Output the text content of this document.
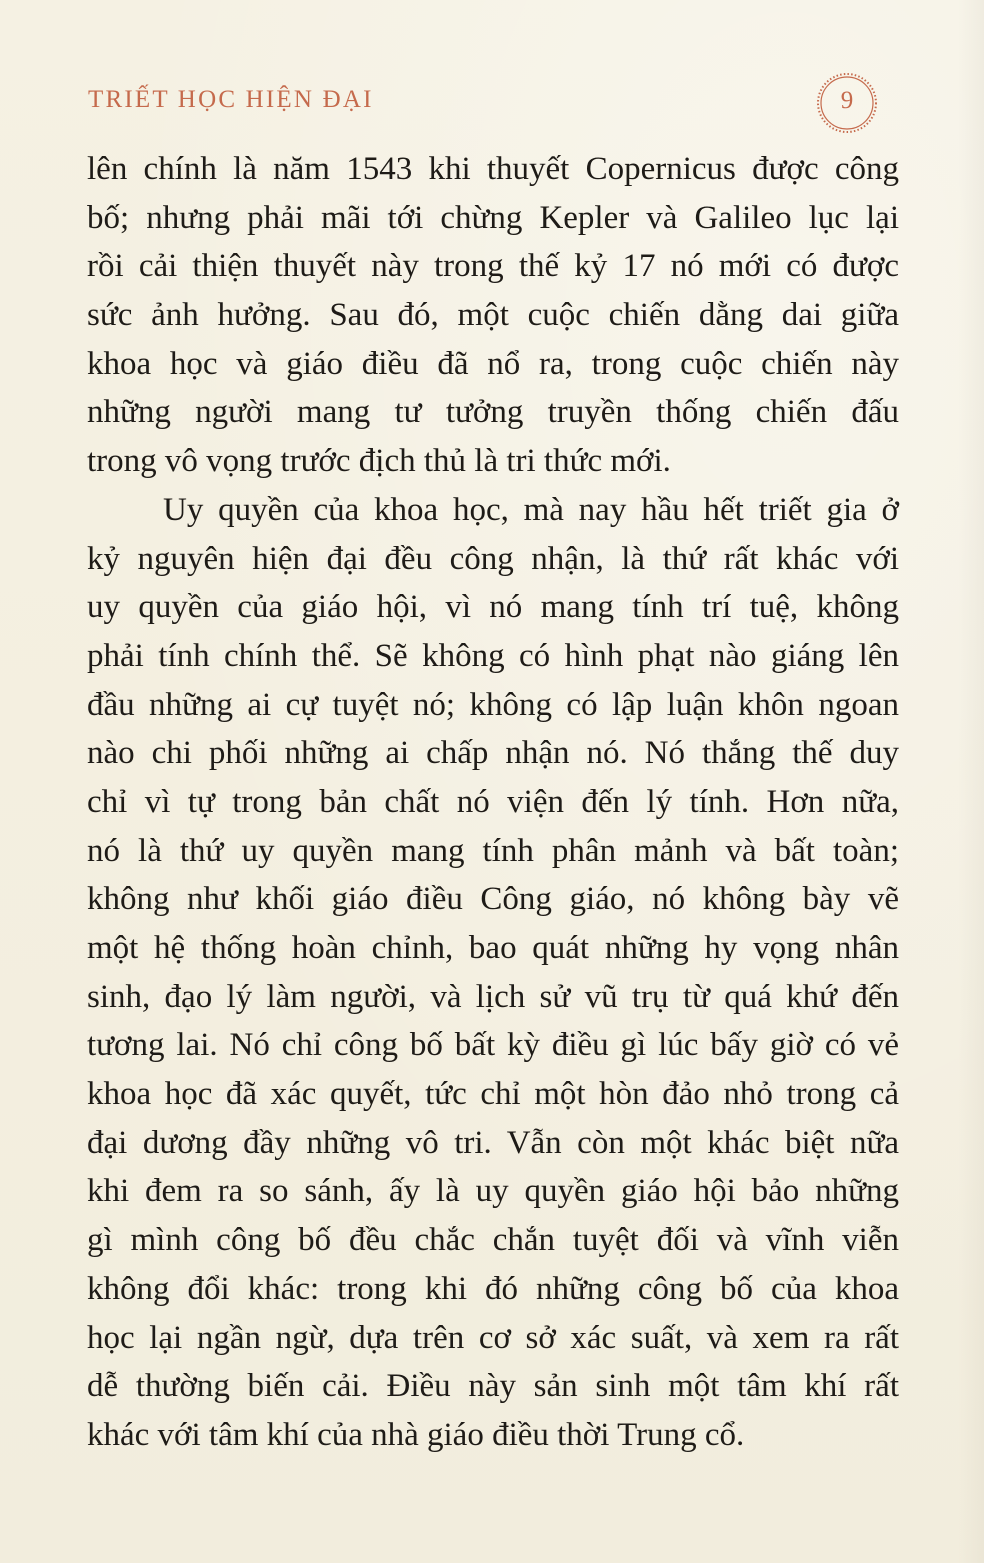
TRIẾT HỌC HIỆN ĐẠI	9
lên chính là năm 1543 khi thuyết Copernicus được công
bố; nhưng phải mãi tới chừng Kepler và Galileo lục lại
rồi cải thiện thuyết này trong thế kỷ 17 nó mới có được
sức ảnh hưởng. Sau đó, một cuộc chiến dằng dai giữa
khoa học và giáo điều đã nổ ra, trong cuộc chiến này
những người mang tư tưởng truyền thống chiến đấu
trong vô vọng trước địch thủ là tri thức mới.
Uy quyền của khoa học, mà nay hầu hết triết gia ở
kỷ nguyên hiện đại đều công nhận, là thứ rất khác với
uy quyền của giáo hội, vì nó mang tính trí tuệ, không
phải tính chính thể. Sẽ không có hình phạt nào giáng lên
đầu những ai cự tuyệt nó; không có lập luận khôn ngoan
nào chi phối những ai chấp nhận nó. Nó thắng thế duy
chỉ vì tự trong bản chất nó viện đến lý tính. Hơn nữa,
nó là thứ uy quyền mang tính phân mảnh và bất toàn;
không như khối giáo điều Công giáo, nó không bày vẽ
một hệ thống hoàn chỉnh, bao quát những hy vọng nhân
sinh, đạo lý làm người, và lịch sử vũ trụ từ quá khứ đến
tương lai. Nó chỉ công bố bất kỳ điều gì lúc bấy giờ có vẻ
khoa học đã xác quyết, tức chỉ một hòn đảo nhỏ trong cả
đại dương đầy những vô tri. Vẫn còn một khác biệt nữa
khi đem ra so sánh, ấy là uy quyền giáo hội bảo những
gì mình công bố đều chắc chắn tuyệt đối và vĩnh viễn
không đổi khác: trong khi đó những công bố của khoa
học lại ngần ngừ, dựa trên cơ sở xác suất, và xem ra rất
dễ thường biến cải. Điều này sản sinh một tâm khí rất
khác với tâm khí của nhà giáo điều thời Trung cổ.
